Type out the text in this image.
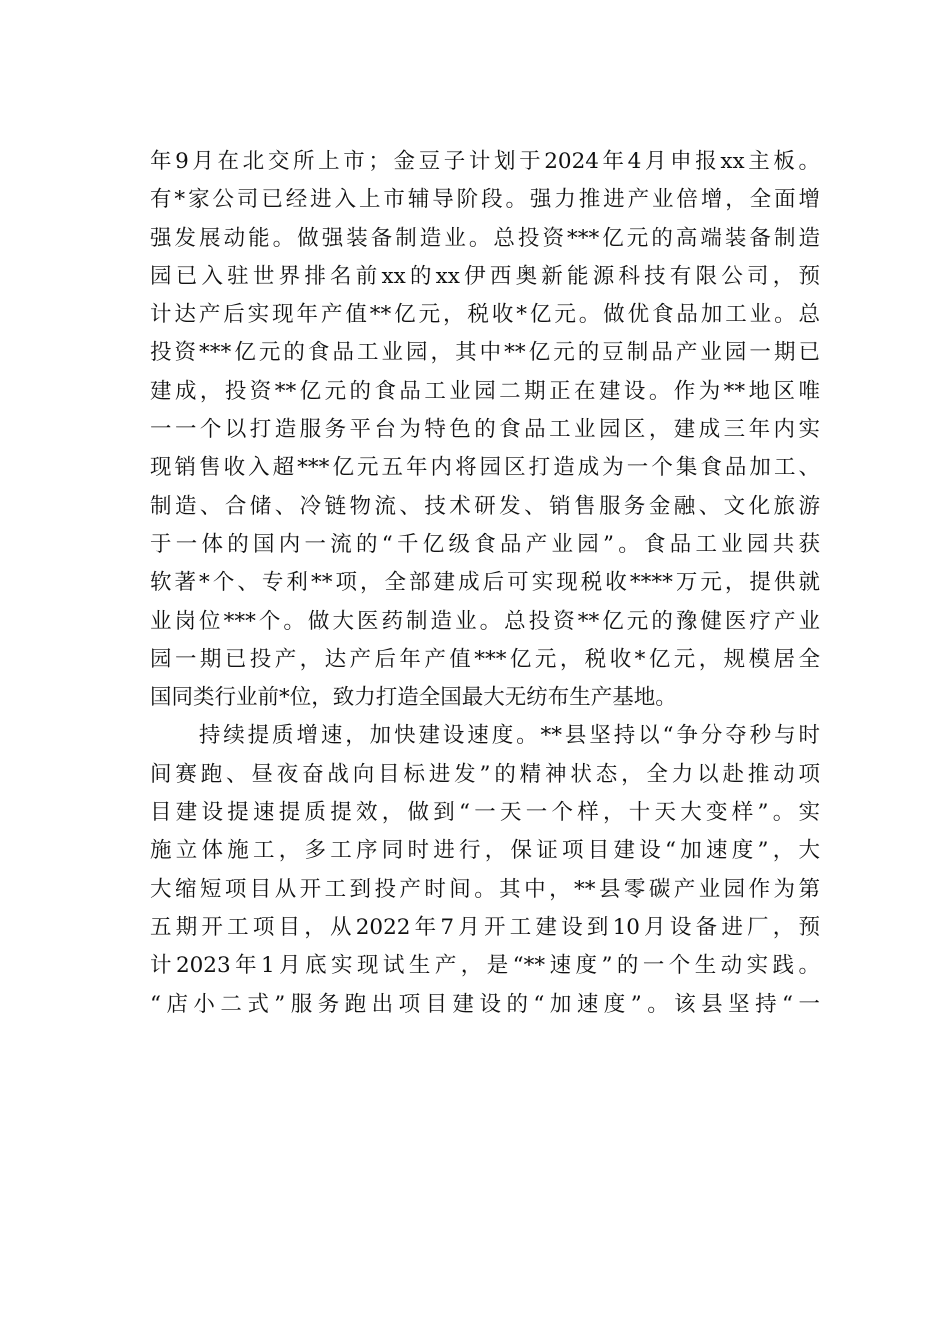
年9月在北交所上市；金豆子计划于2024年4月申报xx主板。
有*家公司已经进入上市辅导阶段。强力推进产业倍增，全面增
强发展动能。做强装备制造业。总投资***亿元的高端装备制造
园已入驻世界排名前xx的xx伊西奥新能源科技有限公司，预
计达产后实现年产值**亿元，税收*亿元。做优食品加工业。总
投资***亿元的食品工业园，其中**亿元的豆制品产业园一期已
建成，投资**亿元的食品工业园二期正在建设。作为**地区唯
一一个以打造服务平台为特色的食品工业园区，建成三年内实
现销售收入超***亿元五年内将园区打造成为一个集食品加工、
制造、合储、冷链物流、技术研发、销售服务金融、文化旅游
于一体的国内一流的“千亿级食品产业园”。食品工业园共获
软著*个、专利**项，全部建成后可实现税收****万元，提供就
业岗位***个。做大医药制造业。总投资**亿元的豫健医疗产业
园一期已投产，达产后年产值***亿元，税收*亿元，规模居全
国同类行业前*位，致力打造全国最大无纺布生产基地。
　　持续提质增速，加快建设速度。**县坚持以“争分夺秒与时
间赛跑、昼夜奋战向目标进发”的精神状态，全力以赴推动项
目建设提速提质提效，做到“一天一个样，十天大变样”。实
施立体施工，多工序同时进行，保证项目建设“加速度”，大
大缩短项目从开工到投产时间。其中，**县零碳产业园作为第
五期开工项目，从2022年7月开工建设到10月设备进厂，预
计2023年1月底实现试生产，是“**速度”的一个生动实践。
“店小二式”服务跑出项目建设的“加速度”。该县坚持“一
